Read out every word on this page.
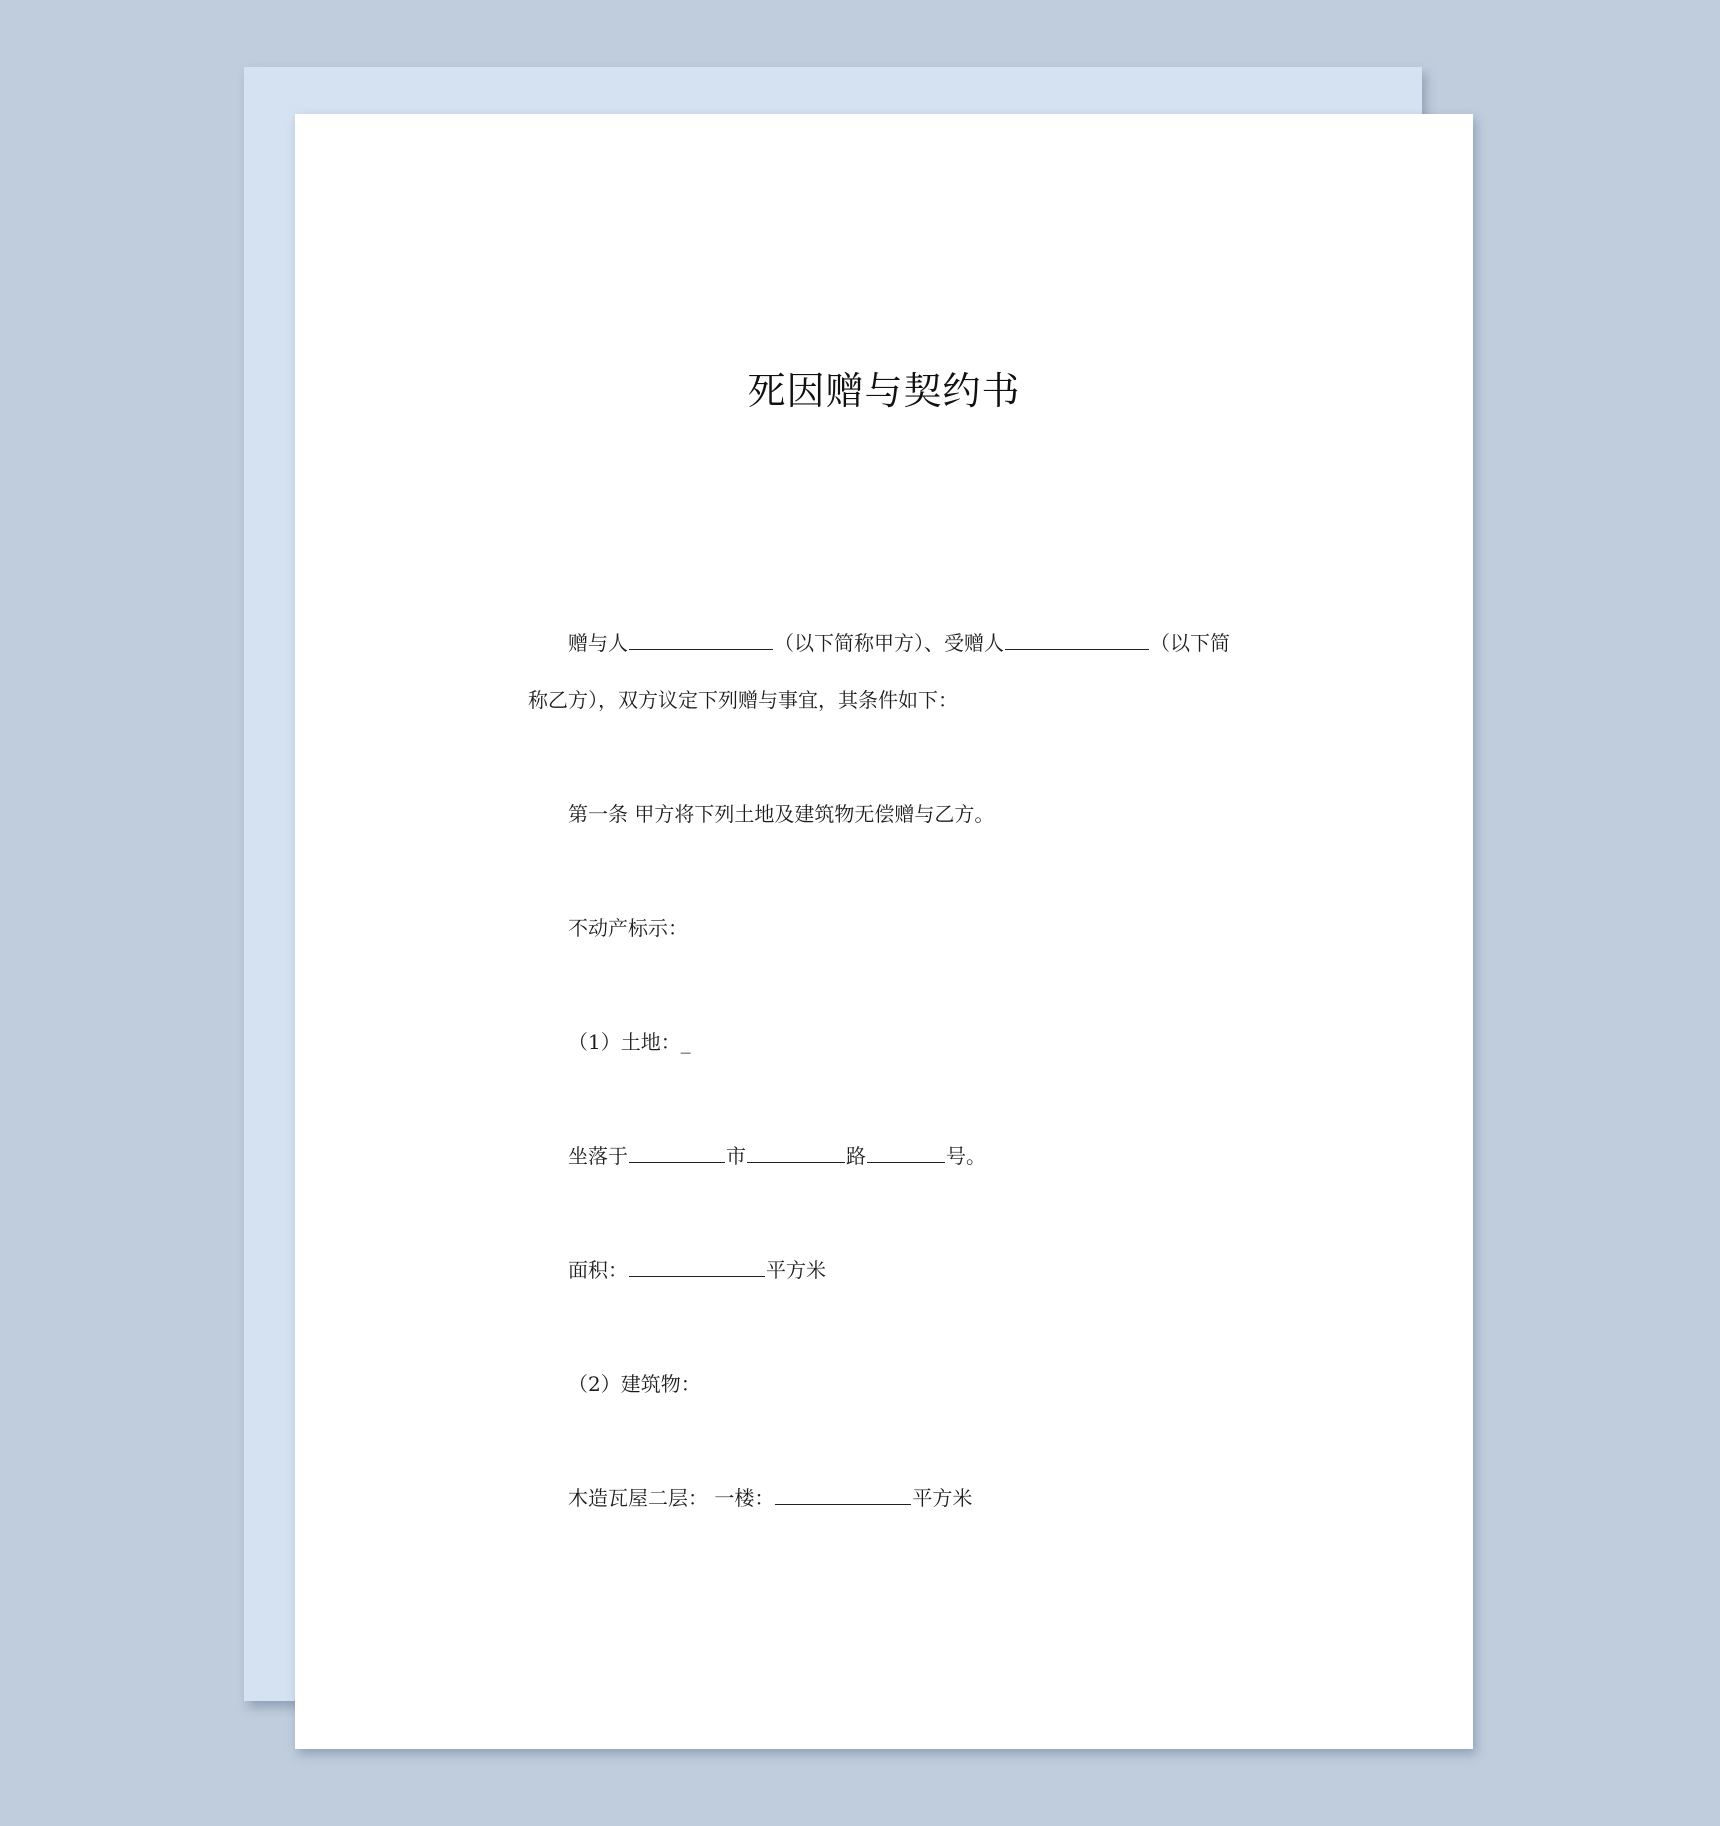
死因赠与契约书
赠与人	（以下简称甲方）、受赠人	（以下简
称乙方），双方议定下列赠与事宜，其条件如下：
第一条 甲方将下列土地及建筑物无偿赠与乙方。
不动产标示：
（1）土地：_
坐落于	市	路	号。
面积：	平方米
（2）建筑物：
木造瓦屋二层： 一楼：	平方米
